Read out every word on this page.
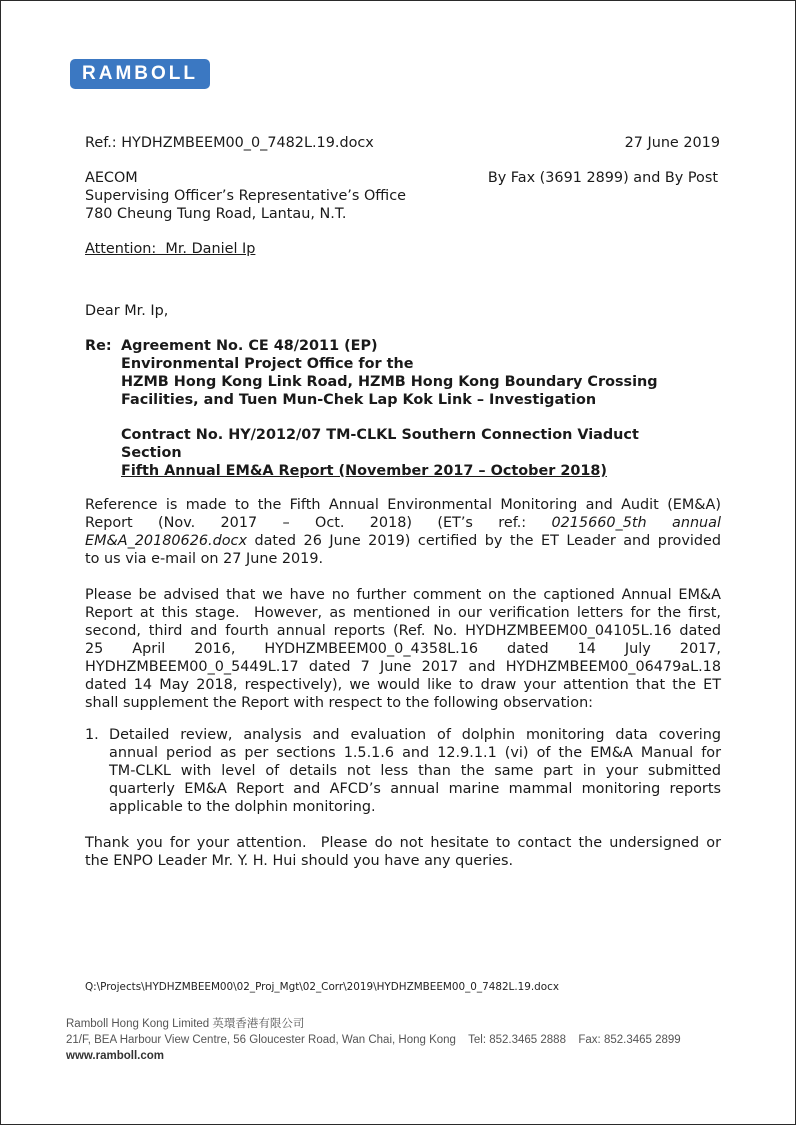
RAMBOLL
Ref.: HYDHZMBEEM00_0_7482L.19.docx	27 June 2019
AECOM
Supervising Officer’s Representative’s Office
780 Cheung Tung Road, Lantau, N.T.
By Fax (3691 2899) and By Post
Attention:  Mr. Daniel Ip
Dear Mr. Ip,
Re: Agreement No. CE 48/2011 (EP)
Environmental Project Office for the
HZMB Hong Kong Link Road, HZMB Hong Kong Boundary Crossing
Facilities, and Tuen Mun-Chek Lap Kok Link – Investigation
Contract No. HY/2012/07 TM-CLKL Southern Connection Viaduct
Section
Fifth Annual EM&A Report (November 2017 – October 2018)
Reference is made to the Fifth Annual Environmental Monitoring and Audit (EM&A)
Report (Nov. 2017 – Oct. 2018) (ET’s ref.: 0215660_5th annual
EM&A_20180626.docx dated 26 June 2019) certified by the ET Leader and provided
to us via e-mail on 27 June 2019.
Please be advised that we have no further comment on the captioned Annual EM&A
Report at this stage.  However, as mentioned in our verification letters for the first,
second, third and fourth annual reports (Ref. No. HYDHZMBEEM00_04105L.16 dated
25 April 2016, HYDHZMBEEM00_0_4358L.16 dated 14 July 2017,
HYDHZMBEEM00_0_5449L.17 dated 7 June 2017 and HYDHZMBEEM00_06479aL.18
dated 14 May 2018, respectively), we would like to draw your attention that the ET
shall supplement the Report with respect to the following observation:
1. Detailed review, analysis and evaluation of dolphin monitoring data covering
annual period as per sections 1.5.1.6 and 12.9.1.1 (vi) of the EM&A Manual for
TM-CLKL with level of details not less than the same part in your submitted
quarterly EM&A Report and AFCD’s annual marine mammal monitoring reports
applicable to the dolphin monitoring.
Thank you for your attention.  Please do not hesitate to contact the undersigned or
the ENPO Leader Mr. Y. H. Hui should you have any queries.
Q:\Projects\HYDHZMBEEM00\02_Proj_Mgt\02_Corr\2019\HYDHZMBEEM00_0_7482L.19.docx
Ramboll Hong Kong Limited 英環香港有限公司
21/F, BEA Harbour View Centre, 56 Gloucester Road, Wan Chai, Hong Kong Tel: 852.3465 2888 Fax: 852.3465 2899
www.ramboll.com
